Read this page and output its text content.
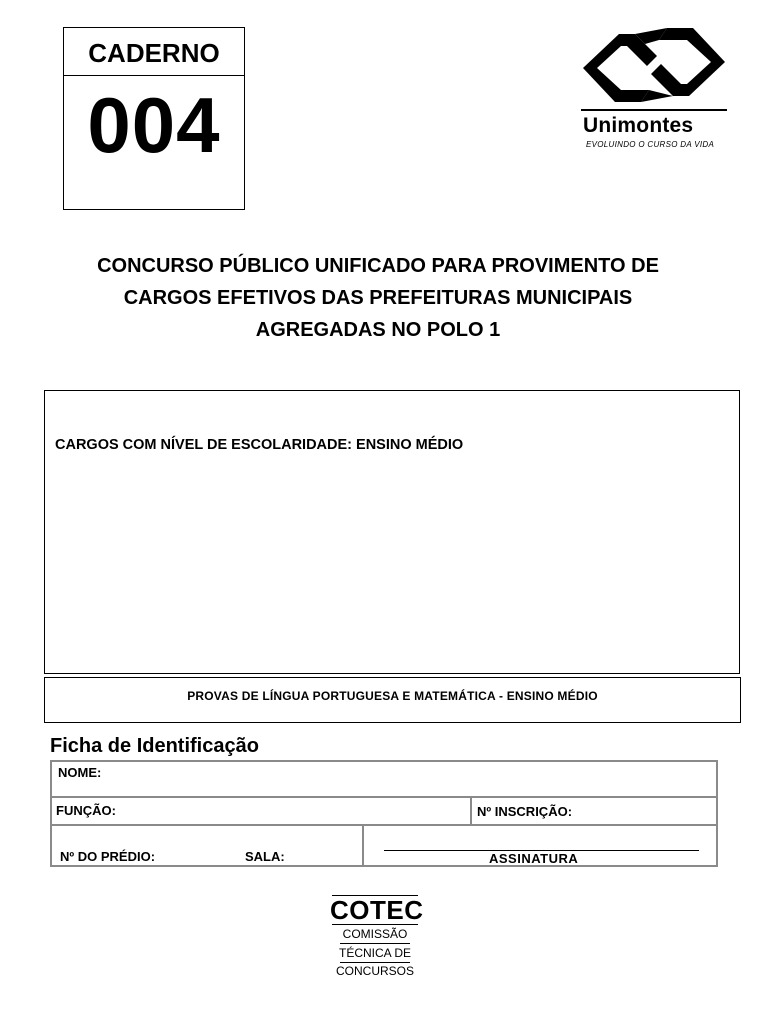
CADERNO
004	Unimontes
EVOLUINDO O CURSO DA VIDA
CONCURSO PÚBLICO UNIFICADO PARA PROVIMENTO DE
CARGOS EFETIVOS DAS PREFEITURAS MUNICIPAIS
AGREGADAS NO POLO 1
CARGOS COM NÍVEL DE ESCOLARIDADE: ENSINO MÉDIO
PROVAS DE LÍNGUA PORTUGUESA E MATEMÁTICA - ENSINO MÉDIO
Ficha de Identificação
NOME:
FUNÇÃO:	Nº INSCRIÇÃO:
Nº DO PRÉDIO:	SALA:	ASSINATURA
COTEC
COMISSÃO
TÉCNICA DE
CONCURSOS
